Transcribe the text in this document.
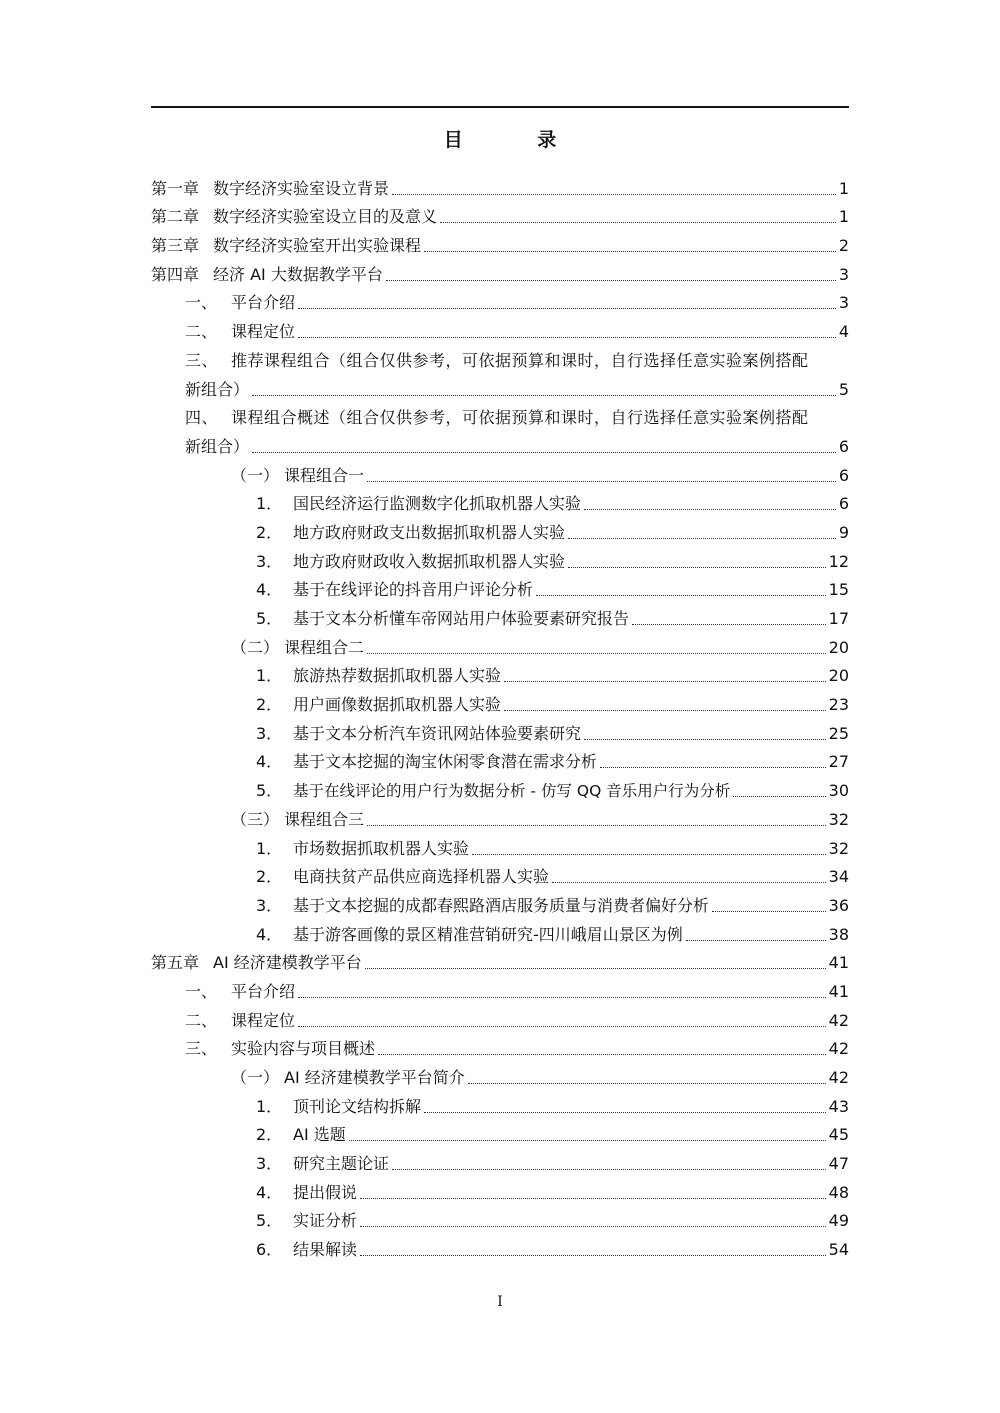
目 录
第一章 数字经济实验室设立背景	1
第二章 数字经济实验室设立目的及意义	1
第三章 数字经济实验室开出实验课程	2
第四章 经济 AI 大数据教学平台	3
一、 平台介绍	3
二、 课程定位	4
三、 推荐课程组合（组合仅供参考，可依据预算和课时，自行选择任意实验案例搭配
新组合）	5
四、 课程组合概述（组合仅供参考，可依据预算和课时，自行选择任意实验案例搭配
新组合）	6
（一） 课程组合一	6
1． 国民经济运行监测数字化抓取机器人实验	6
2． 地方政府财政支出数据抓取机器人实验	9
3． 地方政府财政收入数据抓取机器人实验	12
4． 基于在线评论的抖音用户评论分析	15
5． 基于文本分析懂车帝网站用户体验要素研究报告	17
（二） 课程组合二	20
1． 旅游热荐数据抓取机器人实验	20
2． 用户画像数据抓取机器人实验	23
3． 基于文本分析汽车资讯网站体验要素研究	25
4． 基于文本挖掘的淘宝休闲零食潜在需求分析	27
5． 基于在线评论的用户行为数据分析 - 仿写 QQ 音乐用户行为分析	30
（三） 课程组合三	32
1． 市场数据抓取机器人实验	32
2． 电商扶贫产品供应商选择机器人实验	34
3． 基于文本挖掘的成都春熙路酒店服务质量与消费者偏好分析	36
4． 基于游客画像的景区精准营销研究-四川峨眉山景区为例	38
第五章 AI 经济建模教学平台	41
一、 平台介绍	41
二、 课程定位	42
三、 实验内容与项目概述	42
（一） AI 经济建模教学平台简介	42
1． 顶刊论文结构拆解	43
2． AI 选题	45
3． 研究主题论证	47
4． 提出假说	48
5． 实证分析	49
6． 结果解读	54
I
